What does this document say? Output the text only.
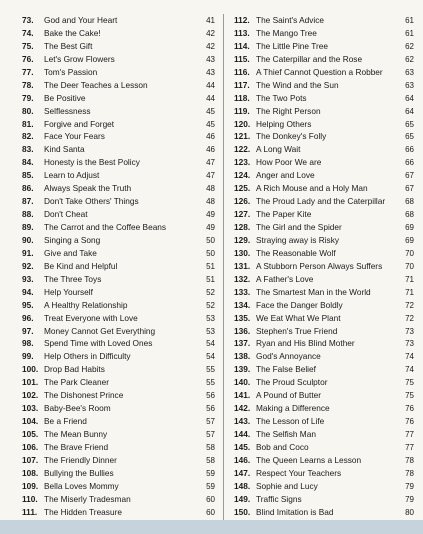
73.	God and Your Heart	41
74.	Bake the Cake!	42
75.	The Best Gift	42
76.	Let's Grow Flowers	43
77.	Tom's Passion	43
78.	The Deer Teaches a Lesson	44
79.	Be Positive	44
80.	Selflessness	45
81.	Forgive and Forget	45
82.	Face Your Fears	46
83.	Kind Santa	46
84.	Honesty is the Best Policy	47
85.	Learn to Adjust	47
86.	Always Speak the Truth	48
87.	Don't Take Others' Things	48
88.	Don't Cheat	49
89.	The Carrot and the Coffee Beans	49
90.	Singing a Song	50
91.	Give and Take	50
92.	Be Kind and Helpful	51
93.	The Three Toys	51
94.	Help Yourself	52
95.	A Healthy Relationship	52
96.	Treat Everyone with Love	53
97.	Money Cannot Get Everything	53
98.	Spend Time with Loved Ones	54
99.	Help Others in Difficulty	54
100. Drop Bad Habits	55
101. The Park Cleaner	55
102. The Dishonest Prince	56
103. Baby-Bee's Room	56
104. Be a Friend	57
105. The Mean Bunny	57
106. The Brave Friend	58
107. The Friendly Dinner	58
108. Bullying the Bullies	59
109. Bella Loves Mommy	59
110. The Miserly Tradesman	60
111. The Hidden Treasure	60
112. The Saint's Advice	61
113. The Mango Tree	61
114. The Little Pine Tree	62
115. The Caterpillar and the Rose	62
116. A Thief Cannot Question a Robber	63
117. The Wind and the Sun	63
118. The Two Pots	64
119. The Right Person	64
120. Helping Others	65
121. The Donkey's Folly	65
122. A Long Wait	66
123. How Poor We are	66
124. Anger and Love	67
125. A Rich Mouse and a Holy Man	67
126. The Proud Lady and the Caterpillar	68
127. The Paper Kite	68
128. The Girl and the Spider	69
129. Straying away is Risky	69
130. The Reasonable Wolf	70
131. A Stubborn Person Always Suffers	70
132. A Father's Love	71
133. The Smartest Man in the World	71
134. Face the Danger Boldly	72
135. We Eat What We Plant	72
136. Stephen's True Friend	73
137. Ryan and His Blind Mother	73
138. God's Annoyance	74
139. The False Belief	74
140. The Proud Sculptor	75
141. A Pound of Butter	75
142. Making a Difference	76
143. The Lesson of Life	76
144. The Selfish Man	77
145. Bob and Coco	77
146. The Queen Learns a Lesson	78
147. Respect Your Teachers	78
148. Sophie and Lucy	79
149. Traffic Signs	79
150. Blind Imitation is Bad	80
